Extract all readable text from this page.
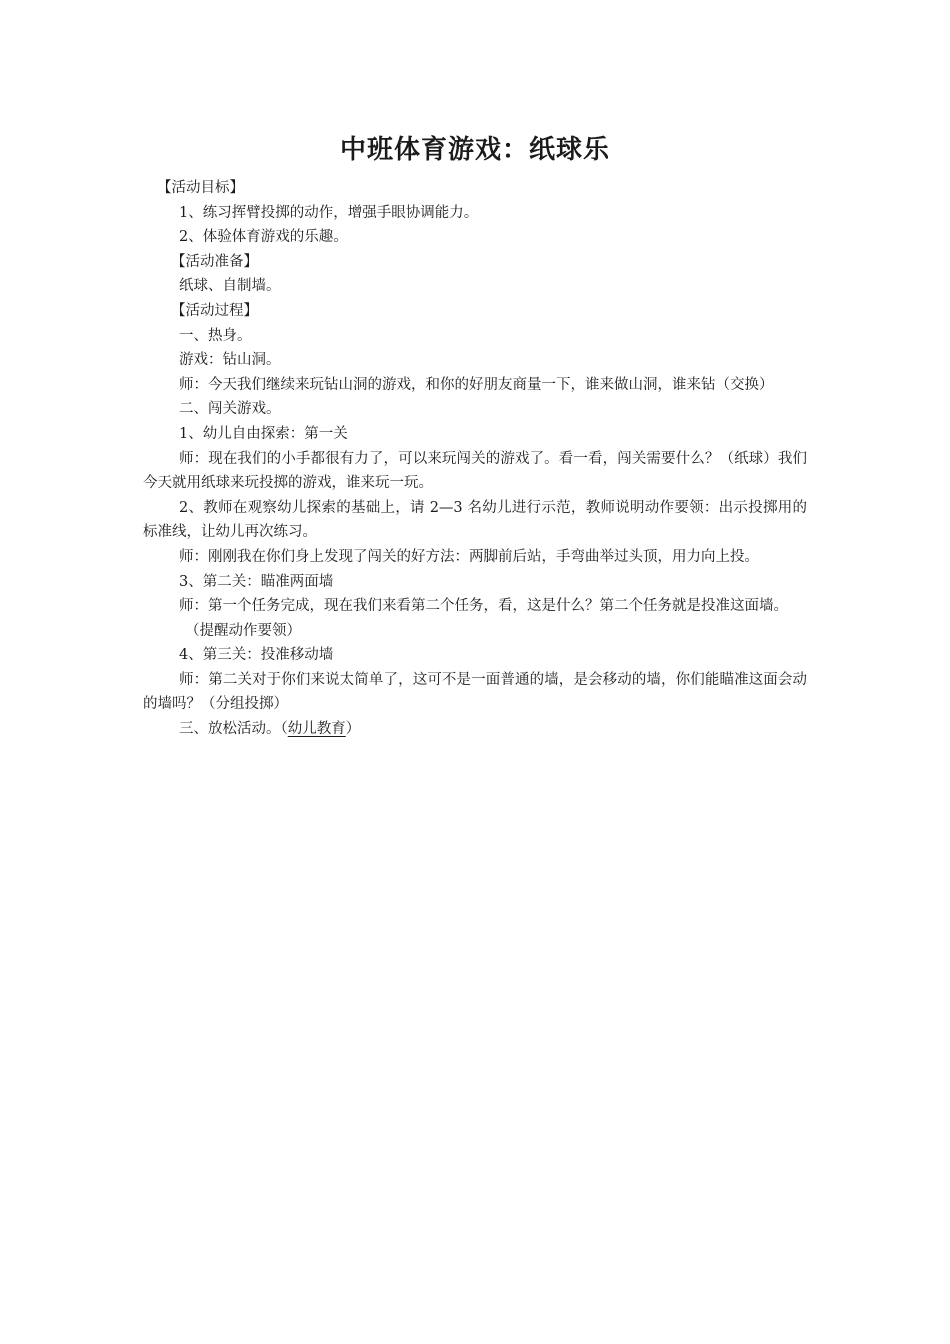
中班体育游戏：纸球乐

【活动目标】

1、练习挥臂投掷的动作，增强手眼协调能力。

2、体验体育游戏的乐趣。

【活动准备】

纸球、自制墙。

【活动过程】

一、热身。

游戏：钻山洞。

师：今天我们继续来玩钻山洞的游戏，和你的好朋友商量一下，谁来做山洞，谁来钻（交换）

二、闯关游戏。

1、幼儿自由探索：第一关

师：现在我们的小手都很有力了，可以来玩闯关的游戏了。看一看，闯关需要什么？（纸球）我们今天就用纸球来玩投掷的游戏，谁来玩一玩。

2、教师在观察幼儿探索的基础上，请 2—3 名幼儿进行示范，教师说明动作要领：出示投掷用的标准线，让幼儿再次练习。

师：刚刚我在你们身上发现了闯关的好方法：两脚前后站，手弯曲举过头顶，用力向上投。

3、第二关：瞄准两面墙

师：第一个任务完成，现在我们来看第二个任务，看，这是什么？第二个任务就是投准这面墙。

（提醒动作要领）

4、第三关：投准移动墙

师：第二关对于你们来说太简单了，这可不是一面普通的墙，是会移动的墙，你们能瞄准这面会动的墙吗？（分组投掷）

三、放松活动。（幼儿教育）
